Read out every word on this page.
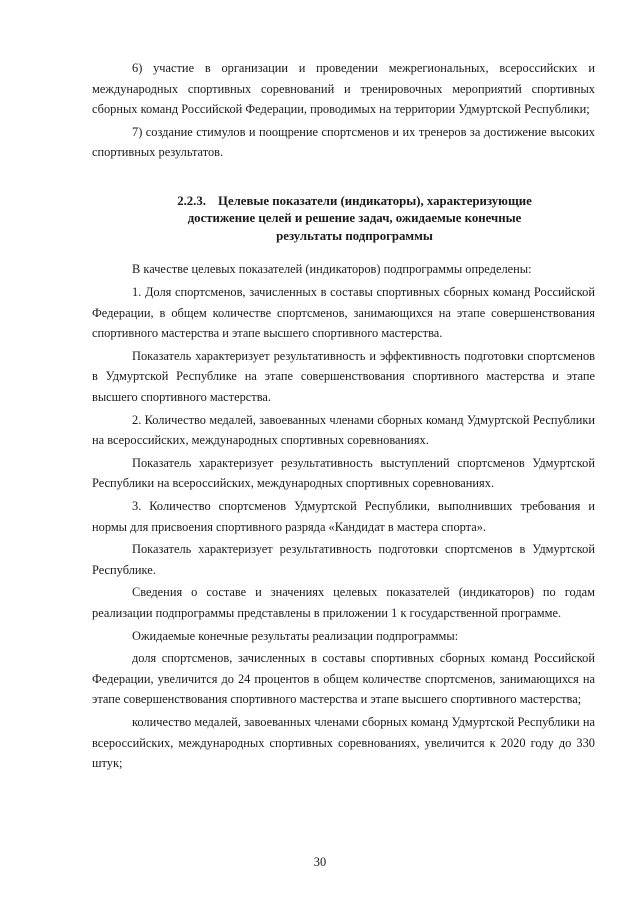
6) участие в организации и проведении межрегиональных, всероссийских и международных спортивных соревнований и тренировочных мероприятий спортивных сборных команд Российской Федерации, проводимых на территории Удмуртской Республики;

7) создание стимулов и поощрение спортсменов и их тренеров за достижение высоких спортивных результатов.

2.2.3. Целевые показатели (индикаторы), характеризующие
достижение целей и решение задач, ожидаемые конечные
результаты подпрограммы

В качестве целевых показателей (индикаторов) подпрограммы определены:

1. Доля спортсменов, зачисленных в составы спортивных сборных команд Российской Федерации, в общем количестве спортсменов, занимающихся на этапе совершенствования спортивного мастерства и этапе высшего спортивного мастерства.

Показатель характеризует результативность и эффективность подготовки спортсменов в Удмуртской Республике на этапе совершенствования спортивного мастерства и этапе высшего спортивного мастерства.

2. Количество медалей, завоеванных членами сборных команд Удмуртской Республики на всероссийских, международных спортивных соревнованиях.

Показатель характеризует результативность выступлений спортсменов Удмуртской Республики на всероссийских, международных спортивных соревнованиях.

3. Количество спортсменов Удмуртской Республики, выполнивших требования и нормы для присвоения спортивного разряда «Кандидат в мастера спорта».

Показатель характеризует результативность подготовки спортсменов в Удмуртской Республике.

Сведения о составе и значениях целевых показателей (индикаторов) по годам реализации подпрограммы представлены в приложении 1 к государственной программе.

Ожидаемые конечные результаты реализации подпрограммы:

доля спортсменов, зачисленных в составы спортивных сборных команд Российской Федерации, увеличится до 24 процентов в общем количестве спортсменов, занимающихся на этапе совершенствования спортивного мастерства и этапе высшего спортивного мастерства;

количество медалей, завоеванных членами сборных команд Удмуртской Республики на всероссийских, международных спортивных соревнованиях, увеличится к 2020 году до 330 штук;

30
